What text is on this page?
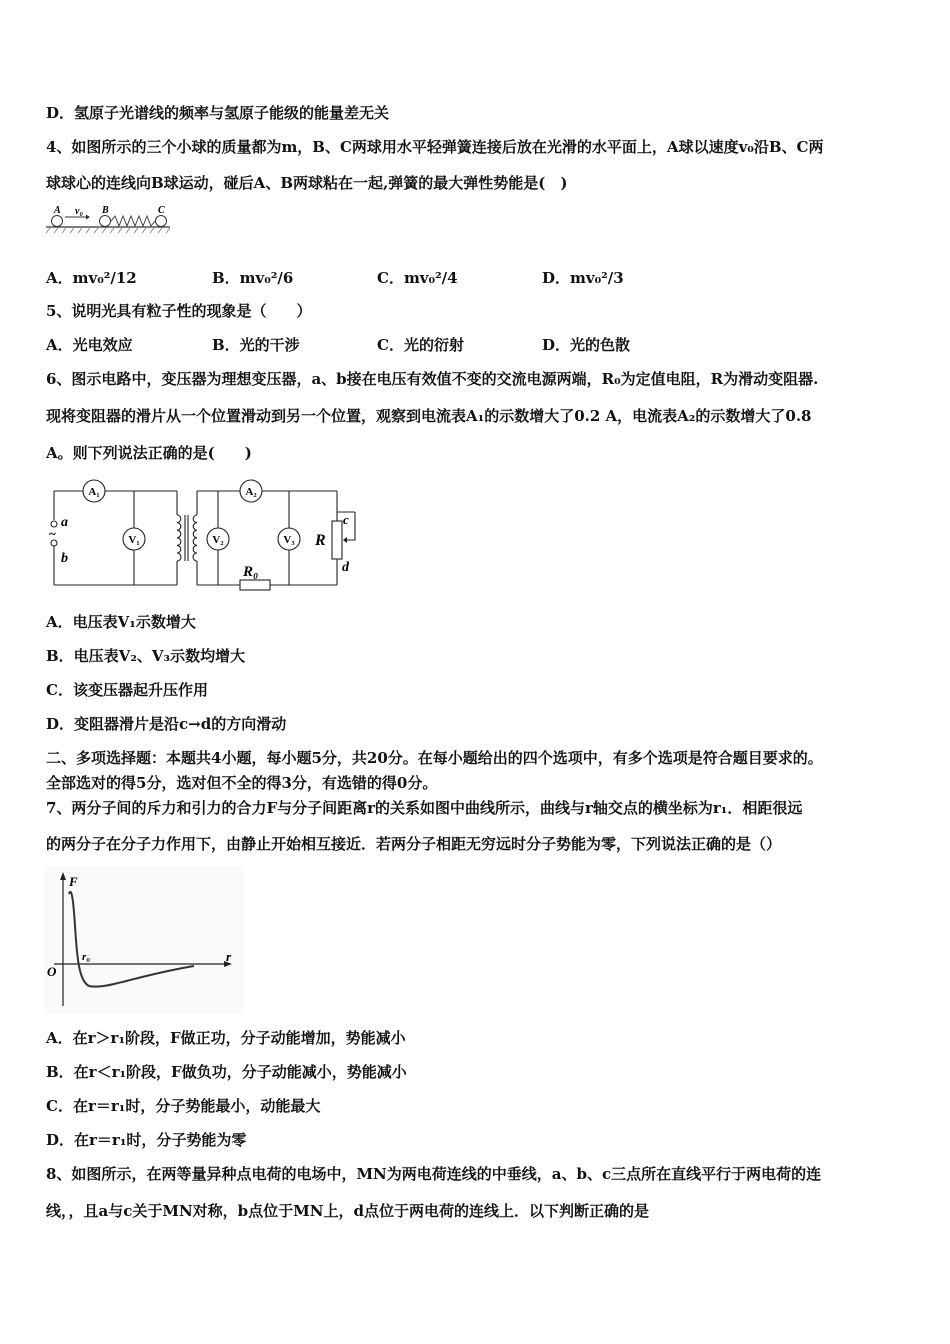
D．氢原子光谱线的频率与氢原子能级的能量差无关
4、如图所示的三个小球的质量都为m，B、C两球用水平轻弹簧连接后放在光滑的水平面上，A球以速度v₀沿B、C两
球球心的连线向B球运动，碰后A、B两球粘在一起,弹簧的最大弹性势能是(　)
A v₀ B	C
A．mv₀²/12	B．mv₀²/6	C．mv₀²/4	D．mv₀²/3
5、说明光具有粒子性的现象是（　　）
A．光电效应	B．光的干涉	C．光的衍射	D．光的色散
6、图示电路中，变压器为理想变压器，a、b接在电压有效值不变的交流电源两端，R₀为定值电阻，R为滑动变阻器.
现将变阻器的滑片从一个位置滑动到另一个位置，观察到电流表A₁的示数增大了0.2 A，电流表A₂的示数增大了0.8
A。则下列说法正确的是(　　)
A₁	A₂
V₁	V₂	V₃
a
~
b
c
d
R
R₀
A．电压表V₁示数增大
B．电压表V₂、V₃示数均增大
C．该变压器起升压作用
D．变阻器滑片是沿c→d的方向滑动
二、多项选择题：本题共4小题，每小题5分，共20分。在每小题给出的四个选项中，有多个选项是符合题目要求的。
全部选对的得5分，选对但不全的得3分，有选错的得0分。
7、两分子间的斥力和引力的合力F与分子间距离r的关系如图中曲线所示，曲线与r轴交点的横坐标为r₁．相距很远
的两分子在分子力作用下，由静止开始相互接近．若两分子相距无穷远时分子势能为零，下列说法正确的是（）
F
r
O
r₀
A．在r＞r₁阶段，F做正功，分子动能增加，势能减小
B．在r＜r₁阶段，F做负功，分子动能减小，势能减小
C．在r＝r₁时，分子势能最小，动能最大
D．在r＝r₁时，分子势能为零
8、如图所示，在两等量异种点电荷的电场中，MN为两电荷连线的中垂线，a、b、c三点所在直线平行于两电荷的连
线，，且a与c关于MN对称，b点位于MN上，d点位于两电荷的连线上．以下判断正确的是
